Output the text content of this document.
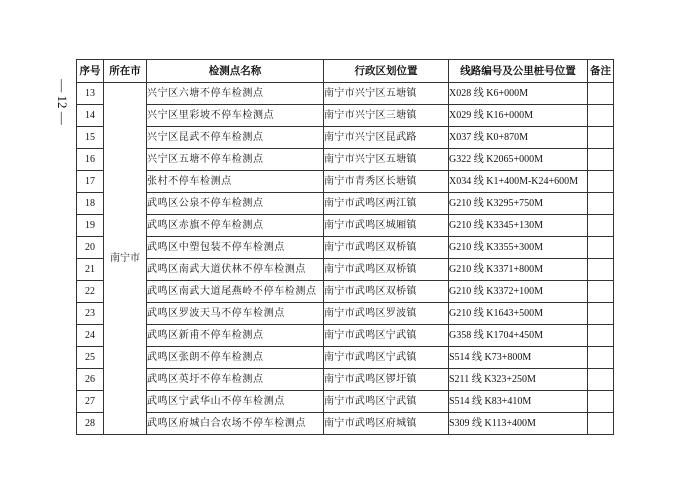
— 12 —
序号	所在市	检测点名称	行政区划位置	线路编号及公里桩号位置	备注
13	南宁市	兴宁区六塘不停车检测点	南宁市兴宁区五塘镇	X028 线 K6+000M	
14		兴宁区里彩坡不停车检测点	南宁市兴宁区三塘镇	X029 线 K16+000M	
15		兴宁区昆武不停车检测点	南宁市兴宁区昆武路	X037 线 K0+870M	
16		兴宁区五塘不停车检测点	南宁市兴宁区五塘镇	G322 线 K2065+000M	
17		张村不停车检测点	南宁市青秀区长塘镇	X034 线 K1+400M-K24+600M	
18		武鸣区公泉不停车检测点	南宁市武鸣区两江镇	G210 线 K3295+750M	
19		武鸣区赤旗不停车检测点	南宁市武鸣区城厢镇	G210 线 K3345+130M	
20		武鸣区中塑包装不停车检测点	南宁市武鸣区双桥镇	G210 线 K3355+300M	
21		武鸣区南武大道伏林不停车检测点	南宁市武鸣区双桥镇	G210 线 K3371+800M	
22		武鸣区南武大道尾燕岭不停车检测点	南宁市武鸣区双桥镇	G210 线 K3372+100M	
23		武鸣区罗波天马不停车检测点	南宁市武鸣区罗波镇	G210 线 K1643+500M	
24		武鸣区新甫不停车检测点	南宁市武鸣区宁武镇	G358 线 K1704+450M	
25		武鸣区张朗不停车检测点	南宁市武鸣区宁武镇	S514 线 K73+800M	
26		武鸣区英圩不停车检测点	南宁市武鸣区锣圩镇	S211 线 K323+250M	
27		武鸣区宁武华山不停车检测点	南宁市武鸣区宁武镇	S514 线 K83+410M	
28		武鸣区府城白合农场不停车检测点	南宁市武鸣区府城镇	S309 线 K113+400M	
